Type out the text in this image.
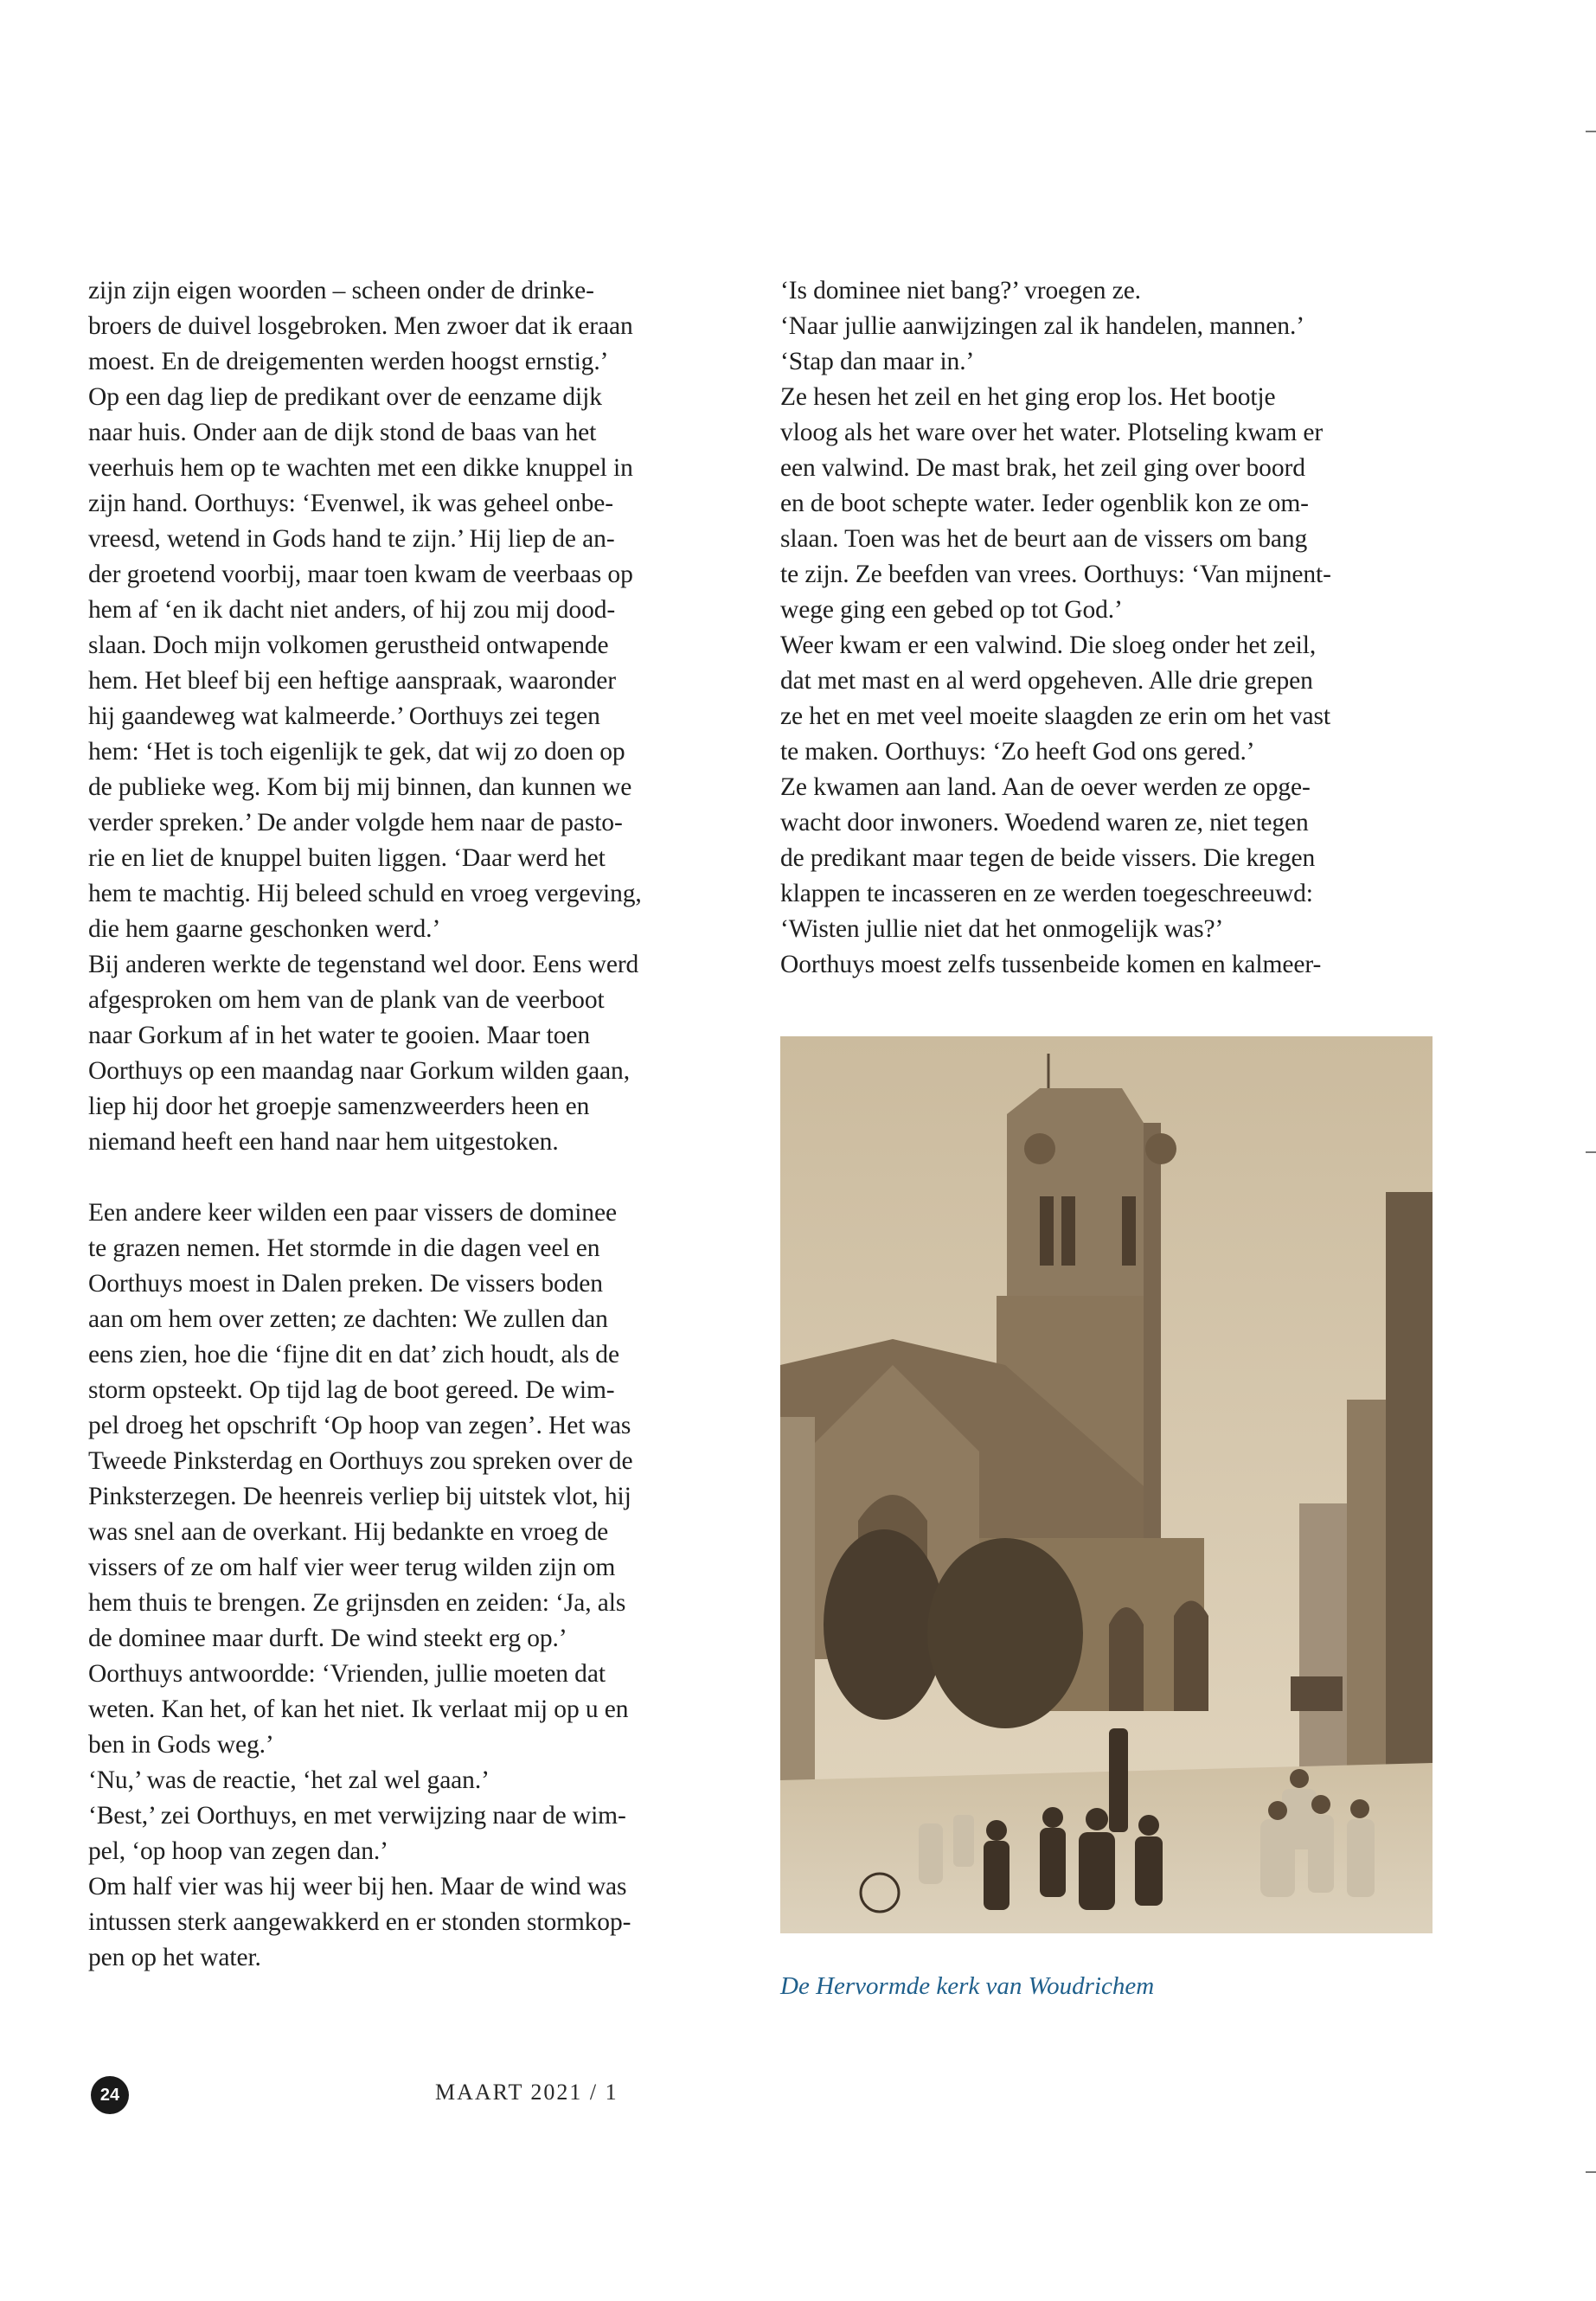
zijn zijn eigen woorden – scheen onder de drinke-
broers de duivel losgebroken. Men zwoer dat ik eraan
moest. En de dreigementen werden hoogst ernstig.’
Op een dag liep de predikant over de eenzame dijk
naar huis. Onder aan de dijk stond de baas van het
veerhuis hem op te wachten met een dikke knuppel in
zijn hand. Oorthuys: ‘Evenwel, ik was geheel onbe-
vreesd, wetend in Gods hand te zijn.’ Hij liep de an-
der groetend voorbij, maar toen kwam de veerbaas op
hem af ‘en ik dacht niet anders, of hij zou mij dood-
slaan. Doch mijn volkomen gerustheid ontwapende
hem. Het bleef bij een heftige aanspraak, waaronder
hij gaandeweg wat kalmeerde.’ Oorthuys zei tegen
hem: ‘Het is toch eigenlijk te gek, dat wij zo doen op
de publieke weg. Kom bij mij binnen, dan kunnen we
verder spreken.’ De ander volgde hem naar de pasto-
rie en liet de knuppel buiten liggen. ‘Daar werd het
hem te machtig. Hij beleed schuld en vroeg vergeving,
die hem gaarne geschonken werd.’
Bij anderen werkte de tegenstand wel door. Eens werd
afgesproken om hem van de plank van de veerboot
naar Gorkum af in het water te gooien. Maar toen
Oorthuys op een maandag naar Gorkum wilden gaan,
liep hij door het groepje samenzweerders heen en
niemand heeft een hand naar hem uitgestoken.
Een andere keer wilden een paar vissers de dominee
te grazen nemen. Het stormde in die dagen veel en
Oorthuys moest in Dalen preken. De vissers boden
aan om hem over zetten; ze dachten: We zullen dan
eens zien, hoe die ‘fijne dit en dat’ zich houdt, als de
storm opsteekt. Op tijd lag de boot gereed. De wim-
pel droeg het opschrift ‘Op hoop van zegen’. Het was
Tweede Pinksterdag en Oorthuys zou spreken over de
Pinksterzegen. De heenreis verliep bij uitstek vlot, hij
was snel aan de overkant. Hij bedankte en vroeg de
vissers of ze om half vier weer terug wilden zijn om
hem thuis te brengen. Ze grijnsden en zeiden: ‘Ja, als
de dominee maar durft. De wind steekt erg op.’
Oorthuys antwoordde: ‘Vrienden, jullie moeten dat
weten. Kan het, of kan het niet. Ik verlaat mij op u en
ben in Gods weg.’
‘Nu,’ was de reactie, ‘het zal wel gaan.’
‘Best,’ zei Oorthuys, en met verwijzing naar de wim-
pel, ‘op hoop van zegen dan.’
Om half vier was hij weer bij hen. Maar de wind was
intussen sterk aangewakkerd en er stonden stormkop-
pen op het water.
‘Is dominee niet bang?’ vroegen ze.
‘Naar jullie aanwijzingen zal ik handelen, mannen.’
‘Stap dan maar in.’
Ze hesen het zeil en het ging erop los. Het bootje
vloog als het ware over het water. Plotseling kwam er
een valwind. De mast brak, het zeil ging over boord
en de boot schepte water. Ieder ogenblik kon ze om-
slaan. Toen was het de beurt aan de vissers om bang
te zijn. Ze beefden van vrees. Oorthuys: ‘Van mijnent-
wege ging een gebed op tot God.’
Weer kwam er een valwind. Die sloeg onder het zeil,
dat met mast en al werd opgeheven. Alle drie grepen
ze het en met veel moeite slaagden ze erin om het vast
te maken. Oorthuys: ‘Zo heeft God ons gered.’
Ze kwamen aan land. Aan de oever werden ze opge-
wacht door inwoners. Woedend waren ze, niet tegen
de predikant maar tegen de beide vissers. Die kregen
klappen te incasseren en ze werden toegeschreeuwd:
‘Wisten jullie niet dat het onmogelijk was?’
Oorthuys moest zelfs tussenbeide komen en kalmeer-
De Hervormde kerk van Woudrichem
24	MAART 2021 / 1
